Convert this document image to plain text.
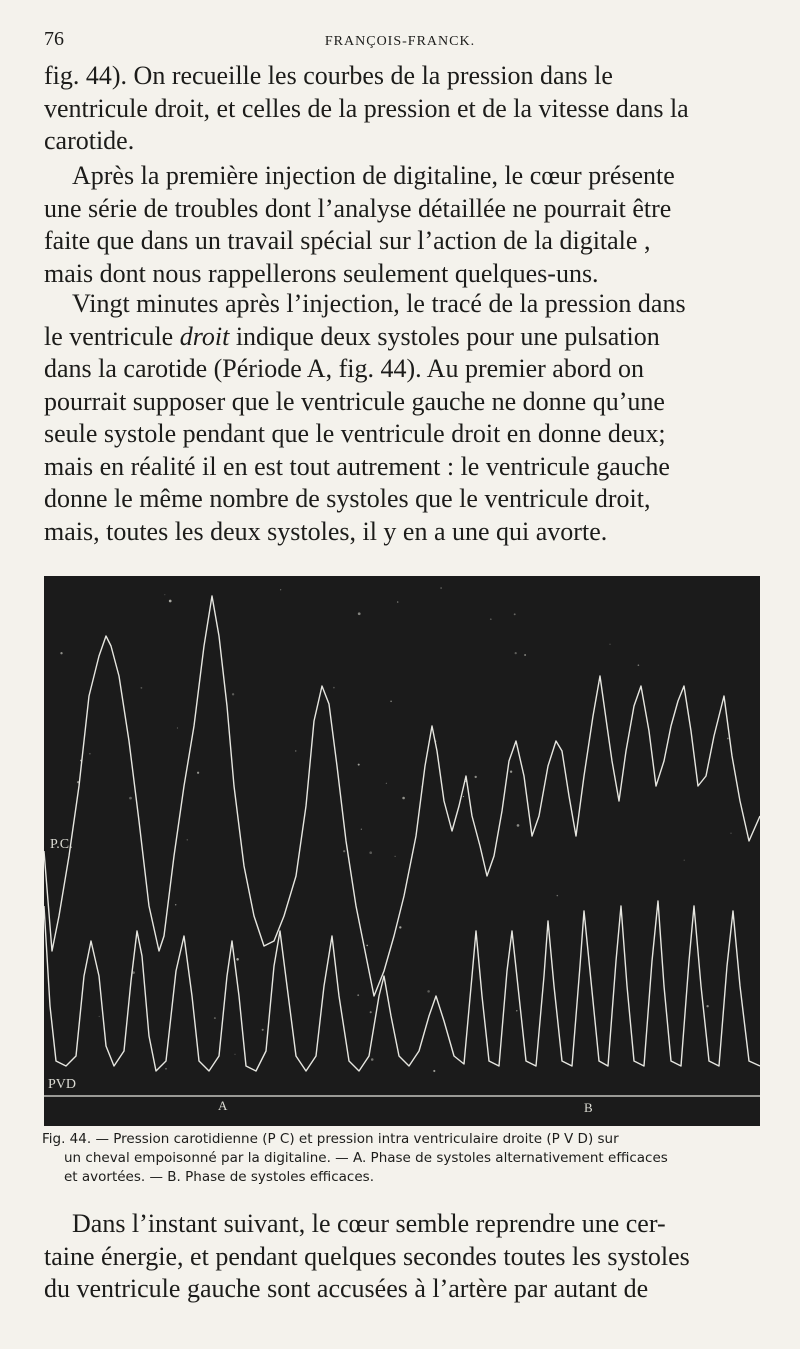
76	FRANÇOIS-FRANCK.

fig. 44). On recueille les courbes de la pression dans le
ventricule droit, et celles de la pression et de la vitesse dans la
carotide.

Après la première injection de digitaline, le cœur présente
une série de troubles dont l’analyse détaillée ne pourrait être
faite que dans un travail spécial sur l’action de la digitale ,
mais dont nous rappellerons seulement quelques-uns.

Vingt minutes après l’injection, le tracé de la pression dans
le ventricule droit indique deux systoles pour une pulsation
dans la carotide (Période A, fig. 44). Au premier abord on
pourrait supposer que le ventricule gauche ne donne qu’une
seule systole pendant que le ventricule droit en donne deux;
mais en réalité il en est tout autrement : le ventricule gauche
donne le même nombre de systoles que le ventricule droit,
mais, toutes les deux systoles, il y en a une qui avorte.

P.C.
PVD
A	B
Fig. 44. — Pression carotidienne (P C) et pression intra ventriculaire droite (P V D) sur
un cheval empoisonné par la digitaline. — A. Phase de systoles alternativement efficaces
et avortées. — B. Phase de systoles efficaces.

Dans l’instant suivant, le cœur semble reprendre une cer-
taine énergie, et pendant quelques secondes toutes les systoles
du ventricule gauche sont accusées à l’artère par autant de
